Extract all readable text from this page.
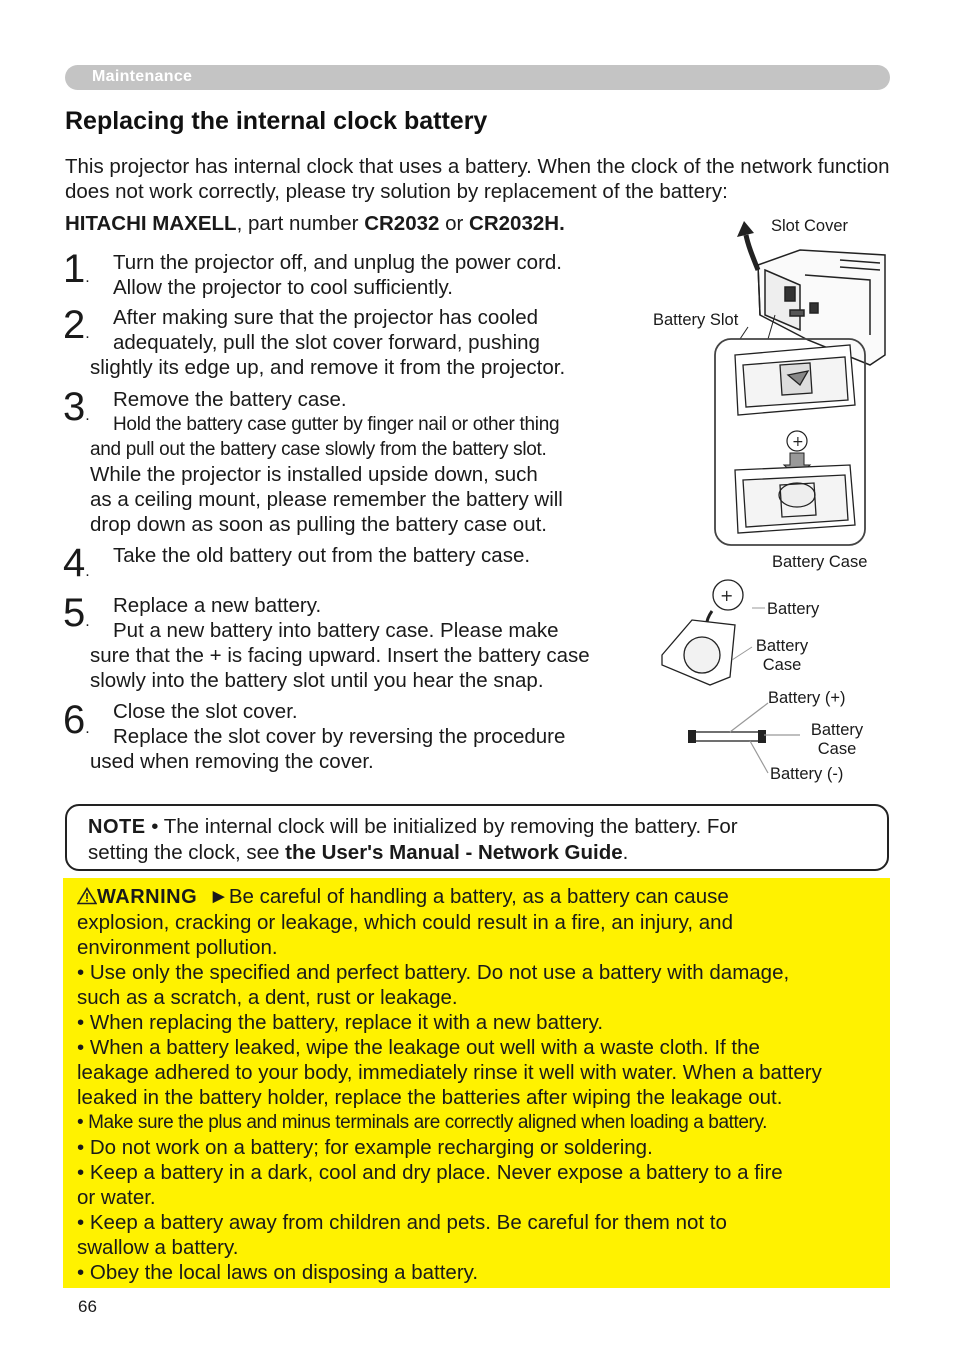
Maintenance
Replacing the internal clock battery
This projector has internal clock that uses a battery. When the clock of the network function does not work correctly, please try solution by replacement of the battery:
HITACHI MAXELL, part number CR2032 or CR2032H.
1.
Turn the projector off, and unplug the power cord.
Allow the projector to cool sufficiently.
2.
After making sure that the projector has cooled
adequately, pull the slot cover forward, pushing
slightly its edge up, and remove it from the projector.
3.
Remove the battery case.
Hold the battery case gutter by finger nail or other thing
and pull out the battery case slowly from the battery slot.
While the projector is installed upside down, such
as a ceiling mount, please remember the battery will
drop down as soon as pulling the battery case out.
4.
Take the old battery out from the battery case.
5.
Replace a new battery.
Put a new battery into battery case. Please make
sure that the + is facing upward. Insert the battery case
slowly into the battery slot until you hear the snap.
6.
Close the slot cover.
Replace the slot cover by reversing the procedure
used when removing the cover.
+
+
Slot Cover
Battery Slot
Battery Case
Battery
Battery
Case
Battery (+)
Battery
Case
Battery (-)
NOTE • The internal clock will be initialized by removing the battery. For
setting the clock, see the User's Manual - Network Guide.
WARNING ►Be careful of handling a battery, as a battery can cause
explosion, cracking or leakage, which could result in a fire, an injury, and
environment pollution.
• Use only the specified and perfect battery. Do not use a battery with damage,
such as a scratch, a dent, rust or leakage.
• When replacing the battery, replace it with a new battery.
• When a battery leaked, wipe the leakage out well with a waste cloth. If the
leakage adhered to your body, immediately rinse it well with water. When a battery
leaked in the battery holder, replace the batteries after wiping the leakage out.
• Make sure the plus and minus terminals are correctly aligned when loading a battery.
• Do not work on a battery; for example recharging or soldering.
• Keep a battery in a dark, cool and dry place. Never expose a battery to a fire
or water.
• Keep a battery away from children and pets. Be careful for them not to
swallow a battery.
• Obey the local laws on disposing a battery.
66
